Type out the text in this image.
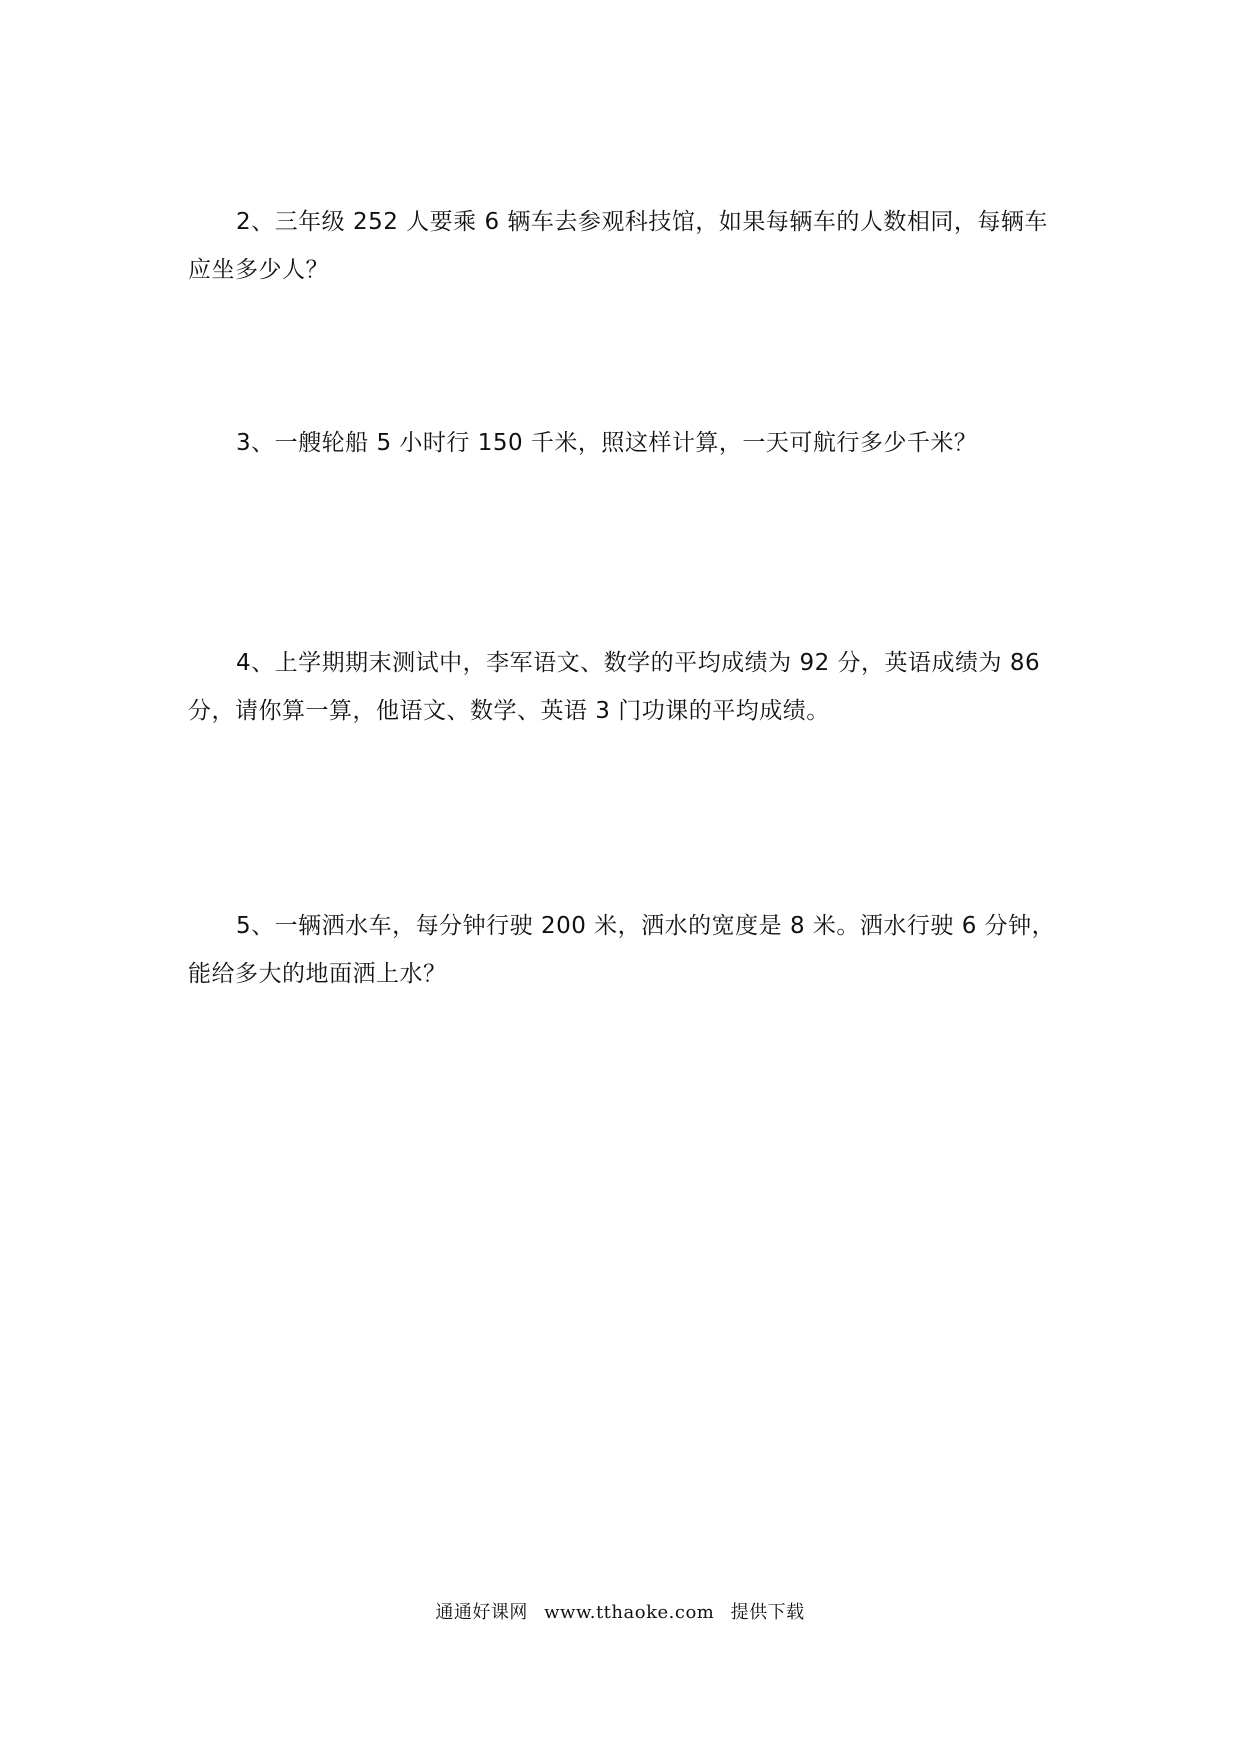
2、三年级 252 人要乘 6 辆车去参观科技馆，如果每辆车的人数相同，每辆车应坐多少人？

3、一艘轮船 5 小时行 150 千米，照这样计算，一天可航行多少千米？

4、上学期期末测试中，李军语文、数学的平均成绩为 92 分，英语成绩为 86 分，请你算一算，他语文、数学、英语 3 门功课的平均成绩。

5、一辆洒水车，每分钟行驶 200 米，洒水的宽度是 8 米。洒水行驶 6 分钟，能给多大的地面洒上水？

通通好课网 www.tthaoke.com 提供下载
